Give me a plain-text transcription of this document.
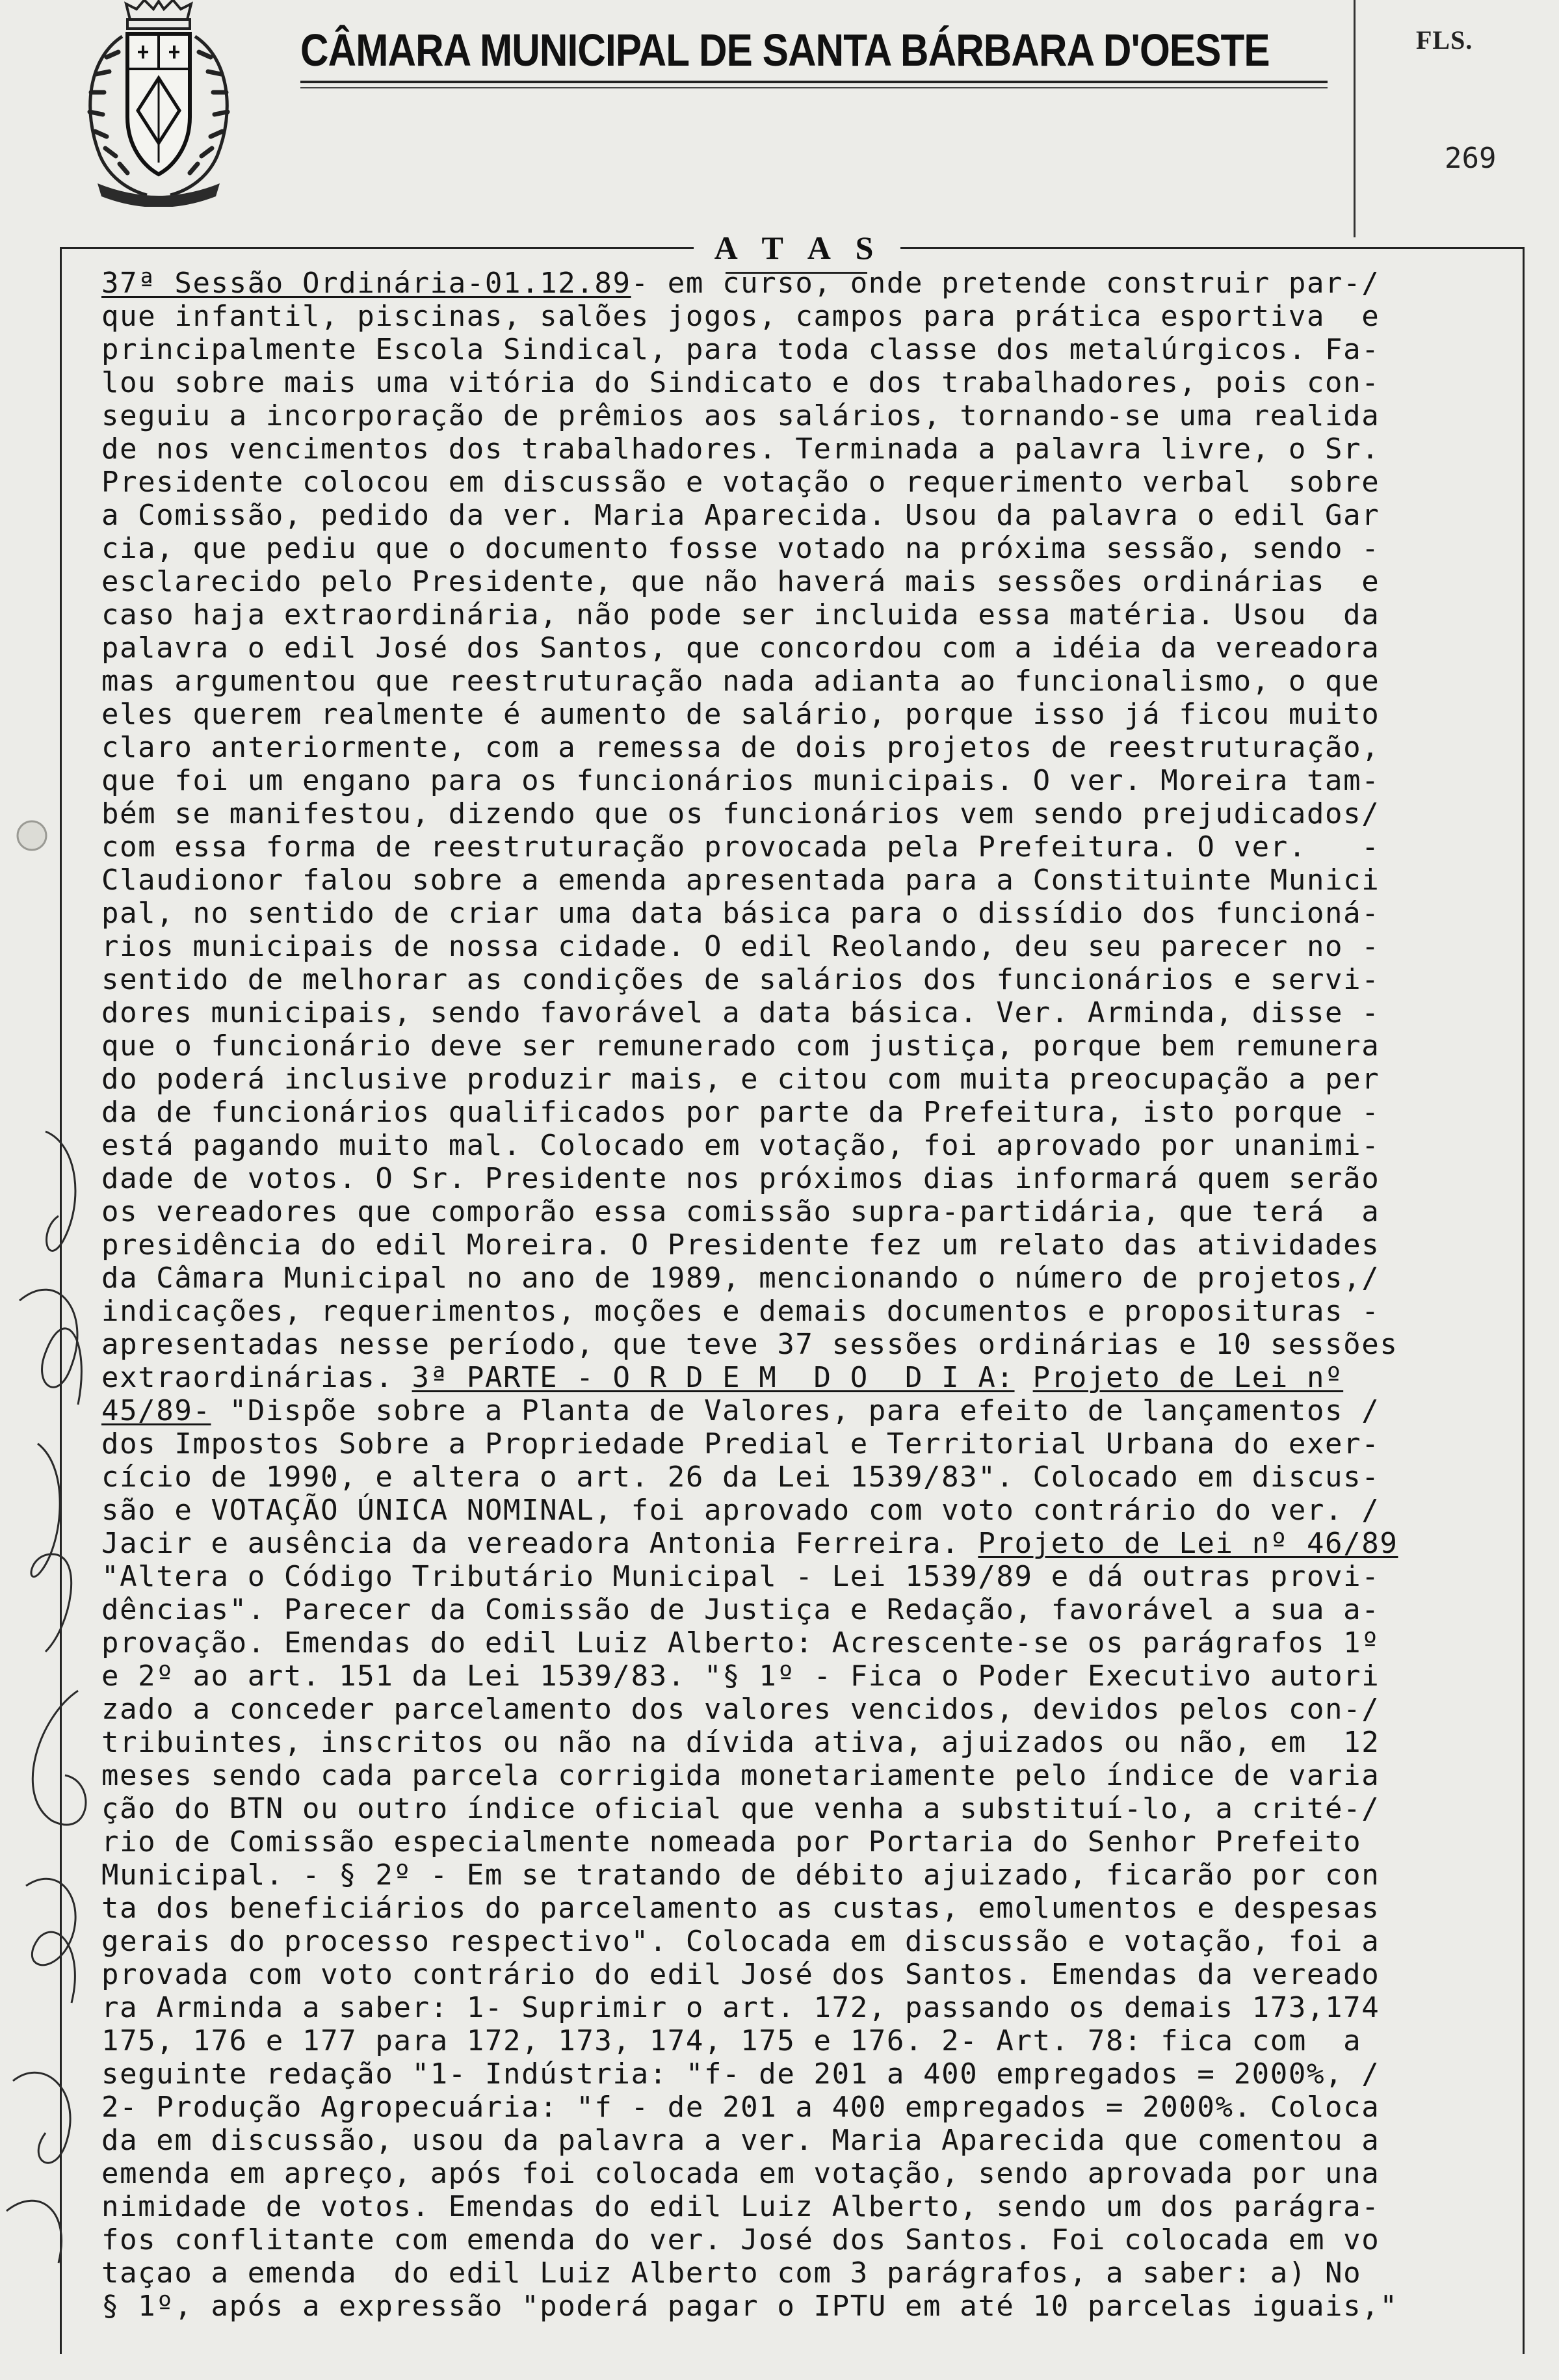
CÂMARA MUNICIPAL DE SANTA BÁRBARA D'OESTE	FLS.
269
A T A S
37ª Sessão Ordinária-01.12.89- em curso, onde pretende construir par-/
que infantil, piscinas, salões jogos, campos para prática esportiva  e
principalmente Escola Sindical, para toda classe dos metalúrgicos. Fa-
lou sobre mais uma vitória do Sindicato e dos trabalhadores, pois con-
seguiu a incorporação de prêmios aos salários, tornando-se uma realida
de nos vencimentos dos trabalhadores. Terminada a palavra livre, o Sr.
Presidente colocou em discussão e votação o requerimento verbal  sobre
a Comissão, pedido da ver. Maria Aparecida. Usou da palavra o edil Gar
cia, que pediu que o documento fosse votado na próxima sessão, sendo -
esclarecido pelo Presidente, que não haverá mais sessões ordinárias  e
caso haja extraordinária, não pode ser incluida essa matéria. Usou  da
palavra o edil José dos Santos, que concordou com a idéia da vereadora
mas argumentou que reestruturação nada adianta ao funcionalismo, o que
eles querem realmente é aumento de salário, porque isso já ficou muito
claro anteriormente, com a remessa de dois projetos de reestruturação,
que foi um engano para os funcionários municipais. O ver. Moreira tam-
bém se manifestou, dizendo que os funcionários vem sendo prejudicados/
com essa forma de reestruturação provocada pela Prefeitura. O ver.   -
Claudionor falou sobre a emenda apresentada para a Constituinte Munici
pal, no sentido de criar uma data básica para o dissídio dos funcioná-
rios municipais de nossa cidade. O edil Reolando, deu seu parecer no -
sentido de melhorar as condições de salários dos funcionários e servi-
dores municipais, sendo favorável a data básica. Ver. Arminda, disse -
que o funcionário deve ser remunerado com justiça, porque bem remunera
do poderá inclusive produzir mais, e citou com muita preocupação a per
da de funcionários qualificados por parte da Prefeitura, isto porque -
está pagando muito mal. Colocado em votação, foi aprovado por unanimi-
dade de votos. O Sr. Presidente nos próximos dias informará quem serão
os vereadores que comporão essa comissão supra-partidária, que terá  a
presidência do edil Moreira. O Presidente fez um relato das atividades
da Câmara Municipal no ano de 1989, mencionando o número de projetos,/
indicações, requerimentos, moções e demais documentos e proposituras -
apresentadas nesse período, que teve 37 sessões ordinárias e 10 sessões
extraordinárias. 3ª PARTE - O R D E M  D O  D I A: Projeto de Lei nº
45/89- "Dispõe sobre a Planta de Valores, para efeito de lançamentos /
dos Impostos Sobre a Propriedade Predial e Territorial Urbana do exer-
cício de 1990, e altera o art. 26 da Lei 1539/83". Colocado em discus-
são e VOTAÇÃO ÚNICA NOMINAL, foi aprovado com voto contrário do ver. /
Jacir e ausência da vereadora Antonia Ferreira. Projeto de Lei nº 46/89
"Altera o Código Tributário Municipal - Lei 1539/89 e dá outras provi-
dências". Parecer da Comissão de Justiça e Redação, favorável a sua a-
provação. Emendas do edil Luiz Alberto: Acrescente-se os parágrafos 1º
e 2º ao art. 151 da Lei 1539/83. "§ 1º - Fica o Poder Executivo autori
zado a conceder parcelamento dos valores vencidos, devidos pelos con-/
tribuintes, inscritos ou não na dívida ativa, ajuizados ou não, em  12
meses sendo cada parcela corrigida monetariamente pelo índice de varia
ção do BTN ou outro índice oficial que venha a substituí-lo, a crité-/
rio de Comissão especialmente nomeada por Portaria do Senhor Prefeito
Municipal. - § 2º - Em se tratando de débito ajuizado, ficarão por con
ta dos beneficiários do parcelamento as custas, emolumentos e despesas
gerais do processo respectivo". Colocada em discussão e votação, foi a
provada com voto contrário do edil José dos Santos. Emendas da vereado
ra Arminda a saber: 1- Suprimir o art. 172, passando os demais 173,174
175, 176 e 177 para 172, 173, 174, 175 e 176. 2- Art. 78: fica com  a
seguinte redação "1- Indústria: "f- de 201 a 400 empregados = 2000%, /
2- Produção Agropecuária: "f - de 201 a 400 empregados = 2000%. Coloca
da em discussão, usou da palavra a ver. Maria Aparecida que comentou a
emenda em apreço, após foi colocada em votação, sendo aprovada por una
nimidade de votos. Emendas do edil Luiz Alberto, sendo um dos parágra-
fos conflitante com emenda do ver. José dos Santos. Foi colocada em vo
taçao a emenda  do edil Luiz Alberto com 3 parágrafos, a saber: a) No
§ 1º, após a expressão "poderá pagar o IPTU em até 10 parcelas iguais,"
